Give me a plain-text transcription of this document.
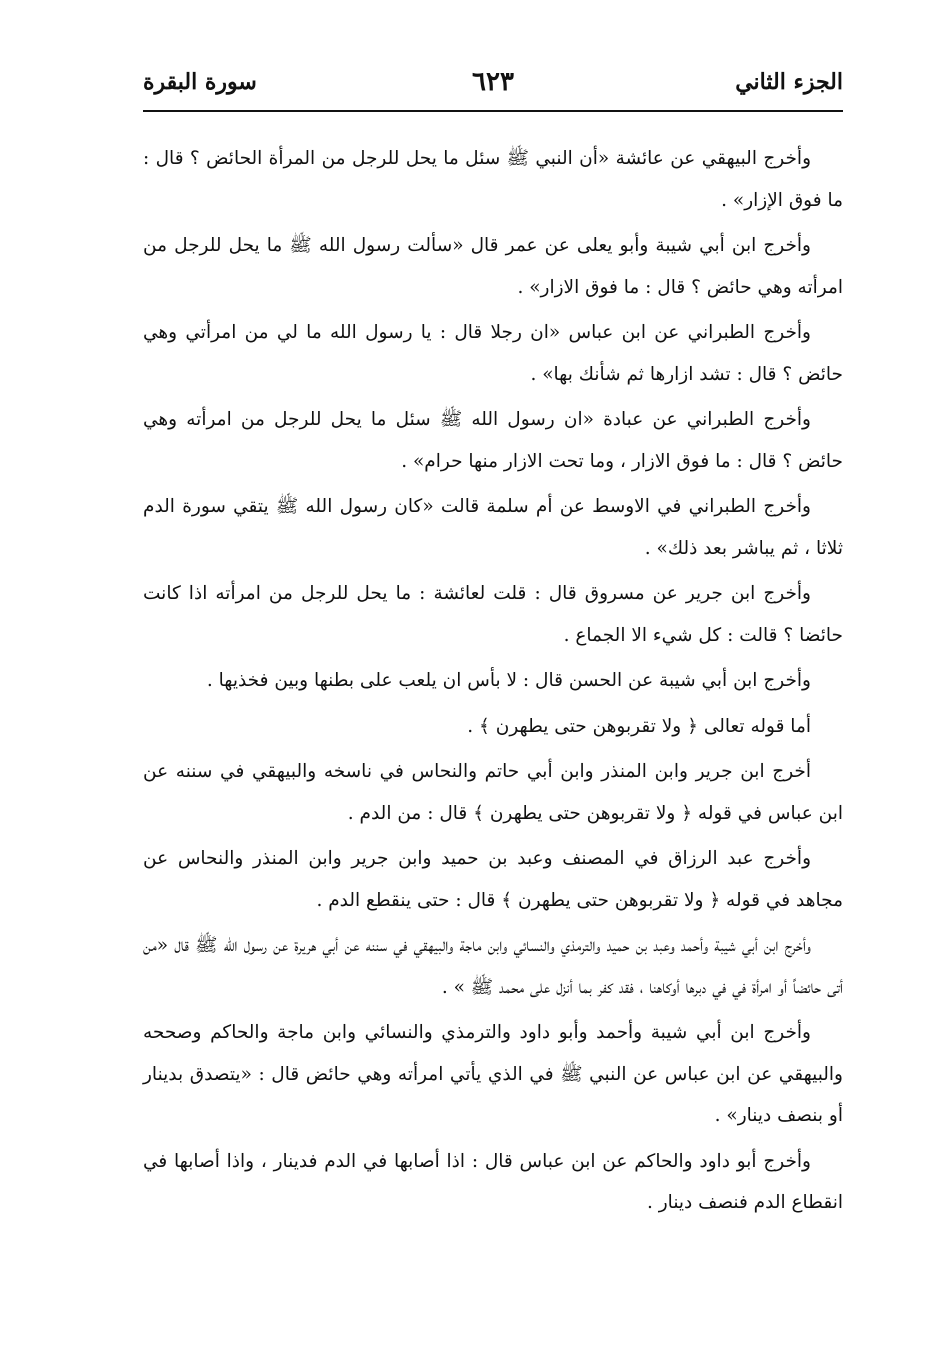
الجزء الثاني
٦٢٣
سورة البقرة

وأخرج البيهقي عن عائشة «أن النبي ﷺ سئل ما يحل للرجل من المرأة الحائض ؟ قال : ما فوق الإزار» .

وأخرج ابن أبي شيبة وأبو يعلى عن عمر قال «سألت رسول الله ﷺ ما يحل للرجل من امرأته وهي حائض ؟ قال : ما فوق الازار» .

وأخرج الطبراني عن ابن عباس «ان رجلا قال : يا رسول الله ما لي من امرأتي وهي حائض ؟ قال : تشد ازارها ثم شأنك بها» .

وأخرج الطبراني عن عبادة «ان رسول الله ﷺ سئل ما يحل للرجل من امرأته وهي حائض ؟ قال : ما فوق الازار ، وما تحت الازار منها حرام» .

وأخرج الطبراني في الاوسط عن أم سلمة قالت «كان رسول الله ﷺ يتقي سورة الدم ثلاثا ، ثم يباشر بعد ذلك» .

وأخرج ابن جرير عن مسروق قال : قلت لعائشة : ما يحل للرجل من امرأته اذا كانت حائضا ؟ قالت : كل شيء الا الجماع .

وأخرج ابن أبي شيبة عن الحسن قال : لا بأس ان يلعب على بطنها وبين فخذيها .

أما قوله تعالى ﴿ ولا تقربوهن حتى يطهرن ﴾ .

أخرج ابن جرير وابن المنذر وابن أبي حاتم والنحاس في ناسخه والبيهقي في سننه عن ابن عباس في قوله ﴿ ولا تقربوهن حتى يطهرن ﴾ قال : من الدم .

وأخرج عبد الرزاق في المصنف وعبد بن حميد وابن جرير وابن المنذر والنحاس عن مجاهد في قوله ﴿ ولا تقربوهن حتى يطهرن ﴾ قال : حتى ينقطع الدم .

وأخرج ابن أبي شيبة وأحمد وعبد بن حميد والترمذي والنسائي وابن ماجة والبيهقي في سننه عن أبي هريرة عن رسول الله ﷺ قال «من أتى حائضاً أو امرأة في في دبرها أوكاهنا ، فقد كفر بما أنزل على محمد ﷺ » .

وأخرج ابن أبي شيبة وأحمد وأبو داود والترمذي والنسائي وابن ماجة والحاكم وصححه والبيهقي عن ابن عباس عن النبي ﷺ في الذي يأتي امرأته وهي حائض قال : «يتصدق بدينار أو بنصف دينار» .

وأخرج أبو داود والحاكم عن ابن عباس قال : اذا أصابها في الدم فدينار ، واذا أصابها في انقطاع الدم فنصف دينار .
